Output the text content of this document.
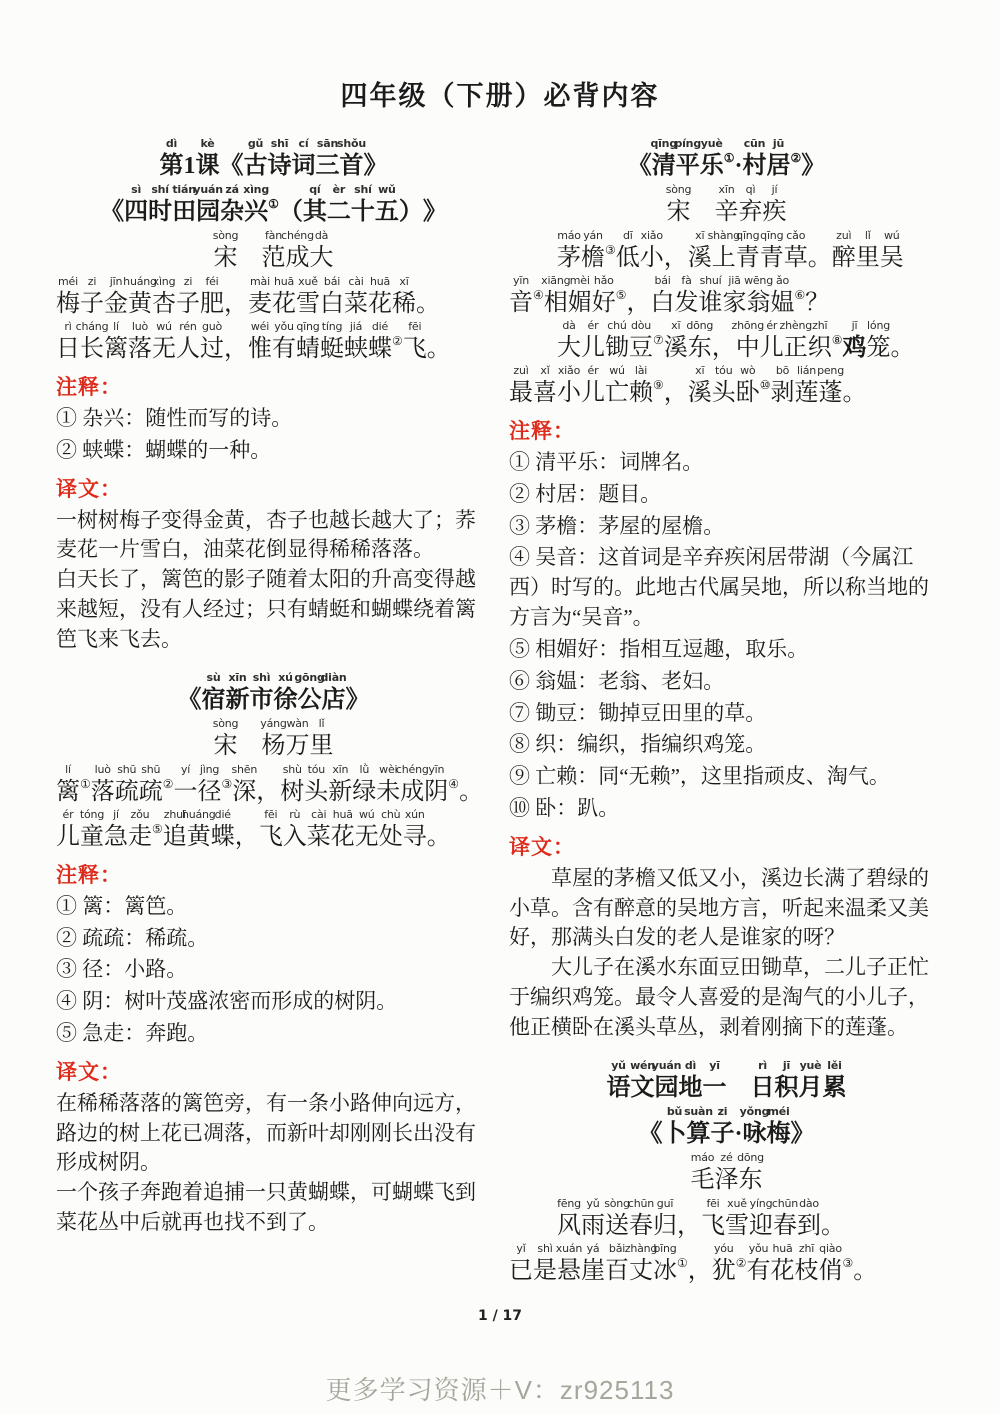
四年级（下册）必背内容
dì
第 1
kè
课 《
gǔ
古
shī
诗
cí
词
sān
三
shǒu
首 》
《
sì
四
shí
时
tián
田
yuán
园
zá
杂
xìng
兴 ① （
qí
其
èr
二
shí
十
wǔ
五 ） 》
sòng
宋

fàn
范
chéng
成
dà
大
méi
梅
zi
子
jīn
金
huáng
黄
xìng
杏
zi
子
féi
肥 ，
mài
麦
huā
花
xuě
雪
bái
白
cài
菜
huā
花
xī
稀 。
rì
日
cháng
长
lí
篱
luò
落
wú
无
rén
人
guò
过 ，
wéi
惟
yǒu
有
qīng
蜻
tíng
蜓
jiá
蛱
dié
蝶 ②
fēi
飞 。
注释：
① 杂兴：随性而写的诗。
② 蛱蝶：蝴蝶的一种。
译文：
一树树梅子变得金黄，杏子也越长越大了；荞麦花一片雪白，油菜花倒显得稀稀落落。
白天长了，篱笆的影子随着太阳的升高变得越来越短，没有人经过；只有蜻蜓和蝴蝶绕着篱笆飞来飞去。
《
sù
宿
xīn
新
shì
市
xú
徐
gōng
公
diàn
店 》
sòng
宋

yáng
杨
wàn
万
lǐ
里
lí
篱 ①
luò
落
shū
疏
shū
疏 ②
yí
一
jìng
径 ③
shēn
深 ，
shù
树
tóu
头
xīn
新
lǜ
绿
wèi
未
chéng
成
yīn
阴 ④ 。
ér
儿
tóng
童
jí
急
zǒu
走 ⑤
zhuī
追
huáng
黄
dié
蝶 ，
fēi
飞
rù
入
cài
菜
huā
花
wú
无
chù
处
xún
寻 。
注释：
① 篱：篱笆。
② 疏疏：稀疏。
③ 径：小路。
④ 阴：树叶茂盛浓密而形成的树阴。
⑤ 急走：奔跑。
译文：
在稀稀落落的篱笆旁，有一条小路伸向远方，路边的树上花已凋落，而新叶却刚刚长出没有形成树阴。
一个孩子奔跑着追捕一只黄蝴蝶，可蝴蝶飞到菜花丛中后就再也找不到了。
《
qīng
清
píng
平
yuè
乐 ① ·
cūn
村
jū
居 ② 》
sòng
宋

xīn
辛
qì
弃
jí
疾
máo
茅
yán
檐 ③
dī
低
xiǎo
小 ，
xī
溪
shàng
上
qīng
青
qīng
青
cǎo
草 。
zuì
醉
lǐ
里
wú
吴
yīn
音 ④
xiāng
相
mèi
媚
hǎo
好 ⑤ ，
bái
白
fà
发
shuí
谁
jiā
家
wēng
翁
ǎo
媪 ⑥ ？
dà
大
ér
儿
chú
锄
dòu
豆 ⑦
xī
溪
dōng
东 ，
zhōng
中
ér
儿
zhèng
正
zhī
织 ⑧
jī
鸡
lóng
笼 。
zuì
最
xǐ
喜
xiǎo
小
ér
儿
wú
亡
lài
赖 ⑨ ，
xī
溪
tóu
头
wò
卧 ⑩
bō
剥
lián
莲
peng
蓬 。
注释：
① 清平乐：词牌名。
② 村居：题目。
③ 茅檐：茅屋的屋檐。
④ 吴音：这首词是辛弃疾闲居带湖（今属江西）时写的。此地古代属吴地，所以称当地的方言为“吴音”。
⑤ 相媚好：指相互逗趣，取乐。
⑥ 翁媪：老翁、老妇。
⑦ 锄豆：锄掉豆田里的草。
⑧ 织：编织，指编织鸡笼。
⑨ 亡赖：同“无赖”，这里指顽皮、淘气。
⑩ 卧：趴。
译文：
草屋的茅檐又低又小，溪边长满了碧绿的小草。含有醉意的吴地方言，听起来温柔又美好，那满头白发的老人是谁家的呀？
大儿子在溪水东面豆田锄草，二儿子正忙于编织鸡笼。最令人喜爱的是淘气的小儿子，他正横卧在溪头草丛，剥着刚摘下的莲蓬。
yǔ
语
wén
文
yuán
园
dì
地
yī
一

rì
日
jī
积
yuè
月
lěi
累
《
bǔ
卜
suàn
算
zi
子 ·
yǒng
咏
méi
梅 》
máo
毛
zé
泽
dōng
东
fēng
风
yǔ
雨
sòng
送
chūn
春
guī
归 ，
fēi
飞
xuě
雪
yíng
迎
chūn
春
dào
到 。
yǐ
已
shì
是
xuán
悬
yá
崖
bǎi
百
zhàng
丈
bīng
冰 ① ，
yóu
犹 ②
yǒu
有
huā
花
zhī
枝
qiào
俏 ③ 。
1 / 17
更多学习资源＋V：zr925113
